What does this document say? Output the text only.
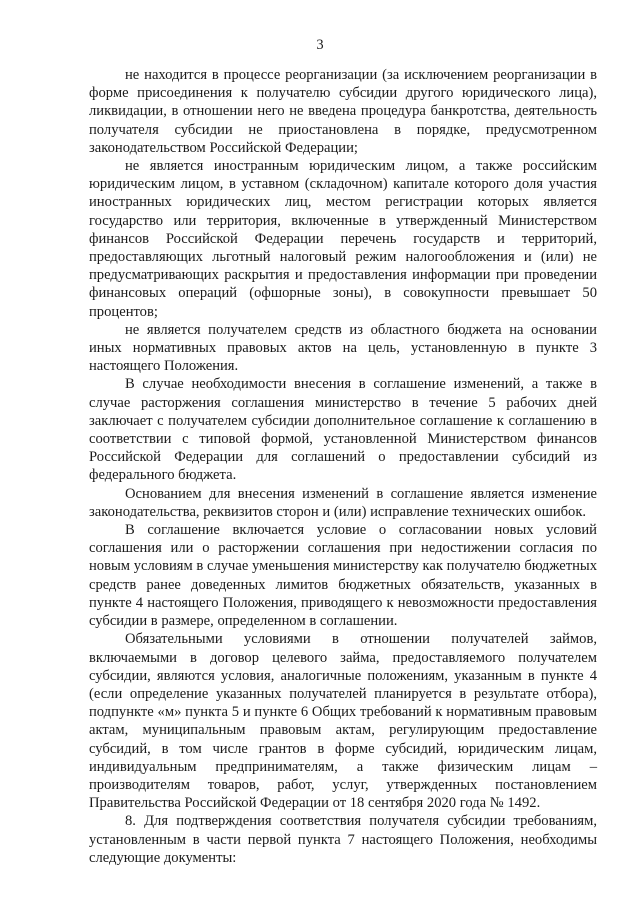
3

не находится в процессе реорганизации (за исключением реорганизации в форме присоединения к получателю субсидии другого юридического лица), ликвидации, в отношении него не введена процедура банкротства, деятельность получателя субсидии не приостановлена в порядке, предусмотренном законодательством Российской Федерации;

не является иностранным юридическим лицом, а также российским юридическим лицом, в уставном (складочном) капитале которого доля участия иностранных юридических лиц, местом регистрации которых является государство или территория, включенные в утвержденный Министерством финансов Российской Федерации перечень государств и территорий, предоставляющих льготный налоговый режим налогообложения и (или) не предусматривающих раскрытия и предоставления информации при проведении финансовых операций (офшорные зоны), в совокупности превышает 50 процентов;

не является получателем средств из областного бюджета на основании иных нормативных правовых актов на цель, установленную в пункте 3 настоящего Положения.

В случае необходимости внесения в соглашение изменений, а также в случае расторжения соглашения министерство в течение 5 рабочих дней заключает с получателем субсидии дополнительное соглашение к соглашению в соответствии с типовой формой, установленной Министерством финансов Российской Федерации для соглашений о предоставлении субсидий из федерального бюджета.

Основанием для внесения изменений в соглашение является изменение законодательства, реквизитов сторон и (или) исправление технических ошибок.

В соглашение включается условие о согласовании новых условий соглашения или о расторжении соглашения при недостижении согласия по новым условиям в случае уменьшения министерству как получателю бюджетных средств ранее доведенных лимитов бюджетных обязательств, указанных в пункте 4 настоящего Положения, приводящего к невозможности предоставления субсидии в размере, определенном в соглашении.

Обязательными условиями в отношении получателей займов, включаемыми в договор целевого займа, предоставляемого получателем субсидии, являются условия, аналогичные положениям, указанным в пункте 4 (если определение указанных получателей планируется в результате отбора), подпункте «м» пункта 5 и пункте 6 Общих требований к нормативным правовым актам, муниципальным правовым актам, регулирующим предоставление субсидий, в том числе грантов в форме субсидий, юридическим лицам, индивидуальным предпринимателям, а также физическим лицам – производителям товаров, работ, услуг, утвержденных постановлением Правительства Российской Федерации от 18 сентября 2020 года № 1492.

8. Для подтверждения соответствия получателя субсидии требованиям, установленным в части первой пункта 7 настоящего Положения, необходимы следующие документы:
